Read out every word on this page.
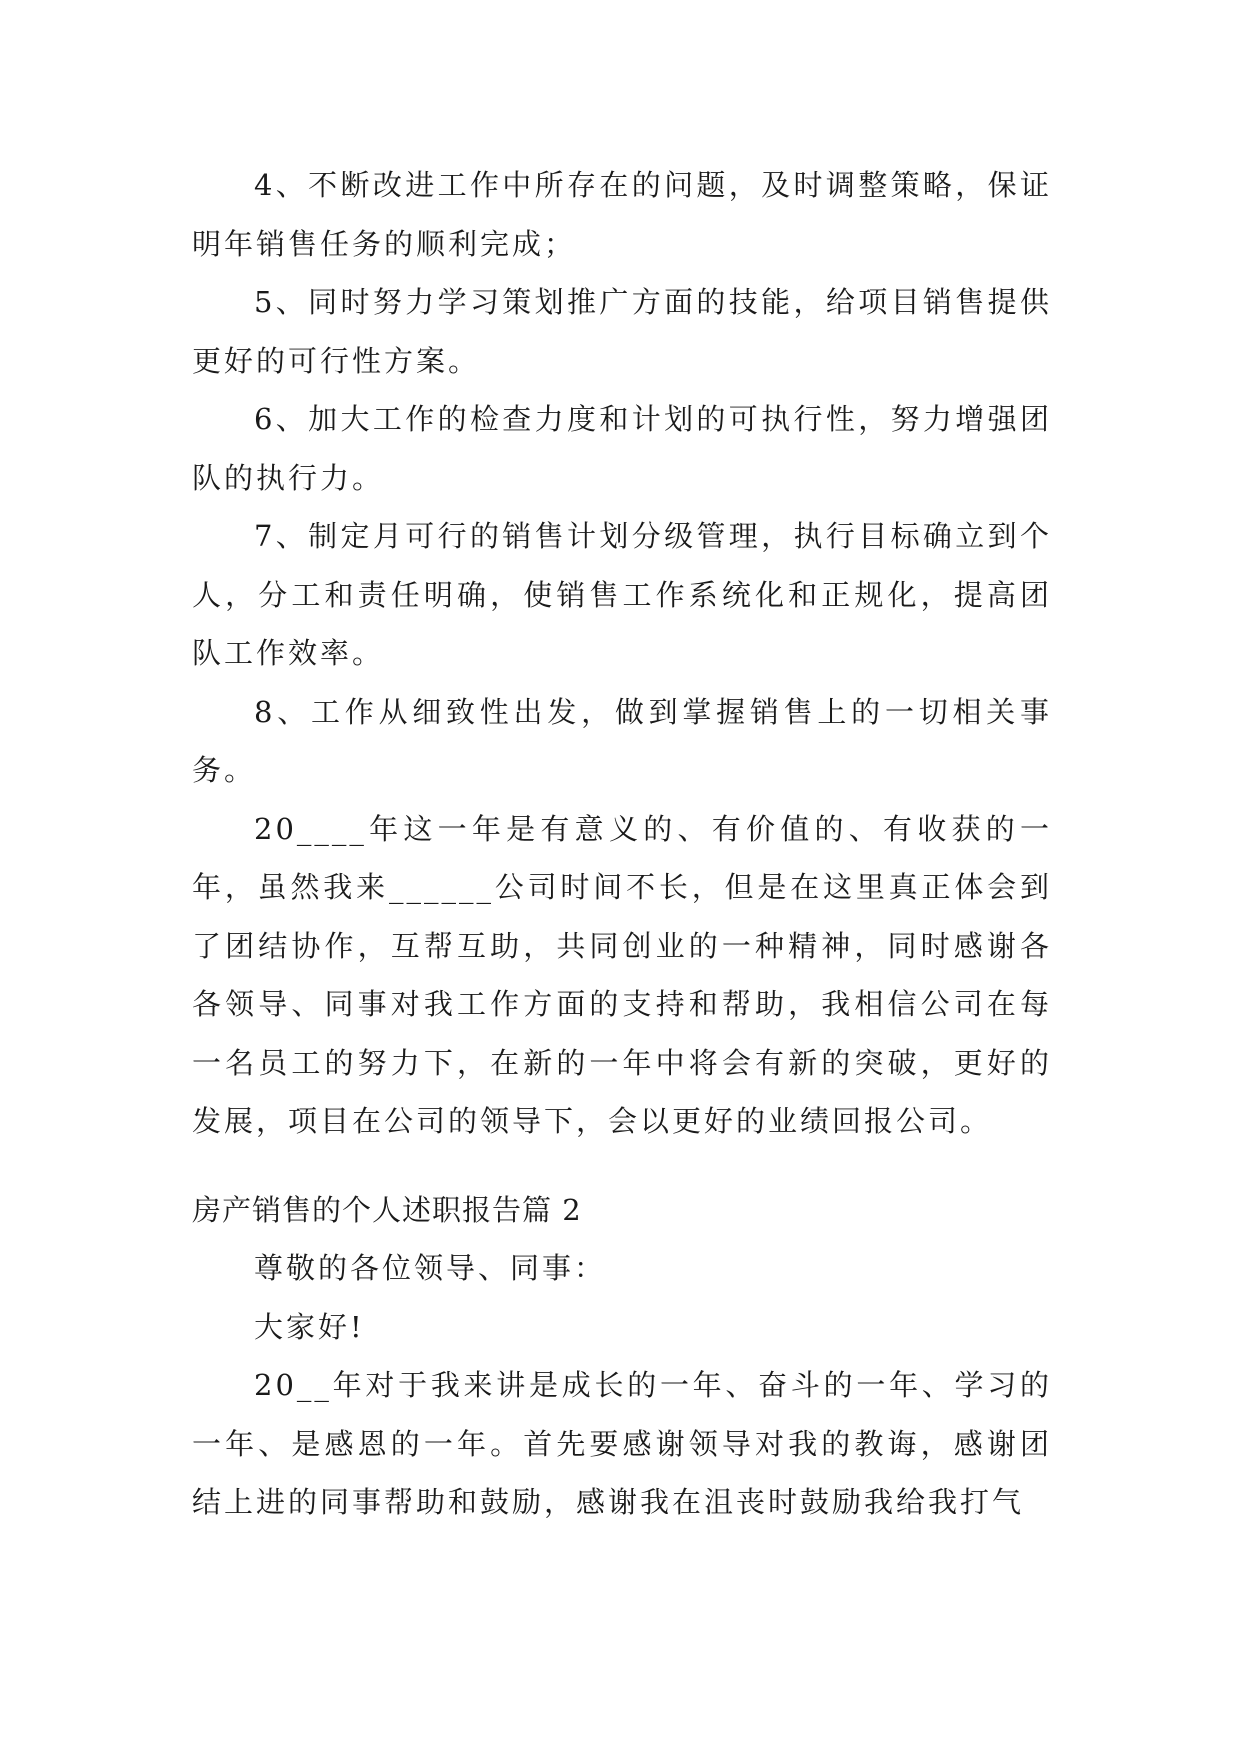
4、不断改进工作中所存在的问题，及时调整策略，保证明年销售任务的顺利完成；

5、同时努力学习策划推广方面的技能，给项目销售提供更好的可行性方案。

6、加大工作的检查力度和计划的可执行性，努力增强团队的执行力。

7、制定月可行的销售计划分级管理，执行目标确立到个人，分工和责任明确，使销售工作系统化和正规化，提高团队工作效率。

8、工作从细致性出发，做到掌握销售上的一切相关事务。

20____年这一年是有意义的、有价值的、有收获的一年，虽然我来______公司时间不长，但是在这里真正体会到了团结协作，互帮互助，共同创业的一种精神，同时感谢各各领导、同事对我工作方面的支持和帮助，我相信公司在每一名员工的努力下，在新的一年中将会有新的突破，更好的发展，项目在公司的领导下，会以更好的业绩回报公司。

房产销售的个人述职报告篇 2

尊敬的各位领导、同事：

大家好!

20__年对于我来讲是成长的一年、奋斗的一年、学习的一年、是感恩的一年。首先要感谢领导对我的教诲，感谢团结上进的同事帮助和鼓励，感谢我在沮丧时鼓励我给我打气
